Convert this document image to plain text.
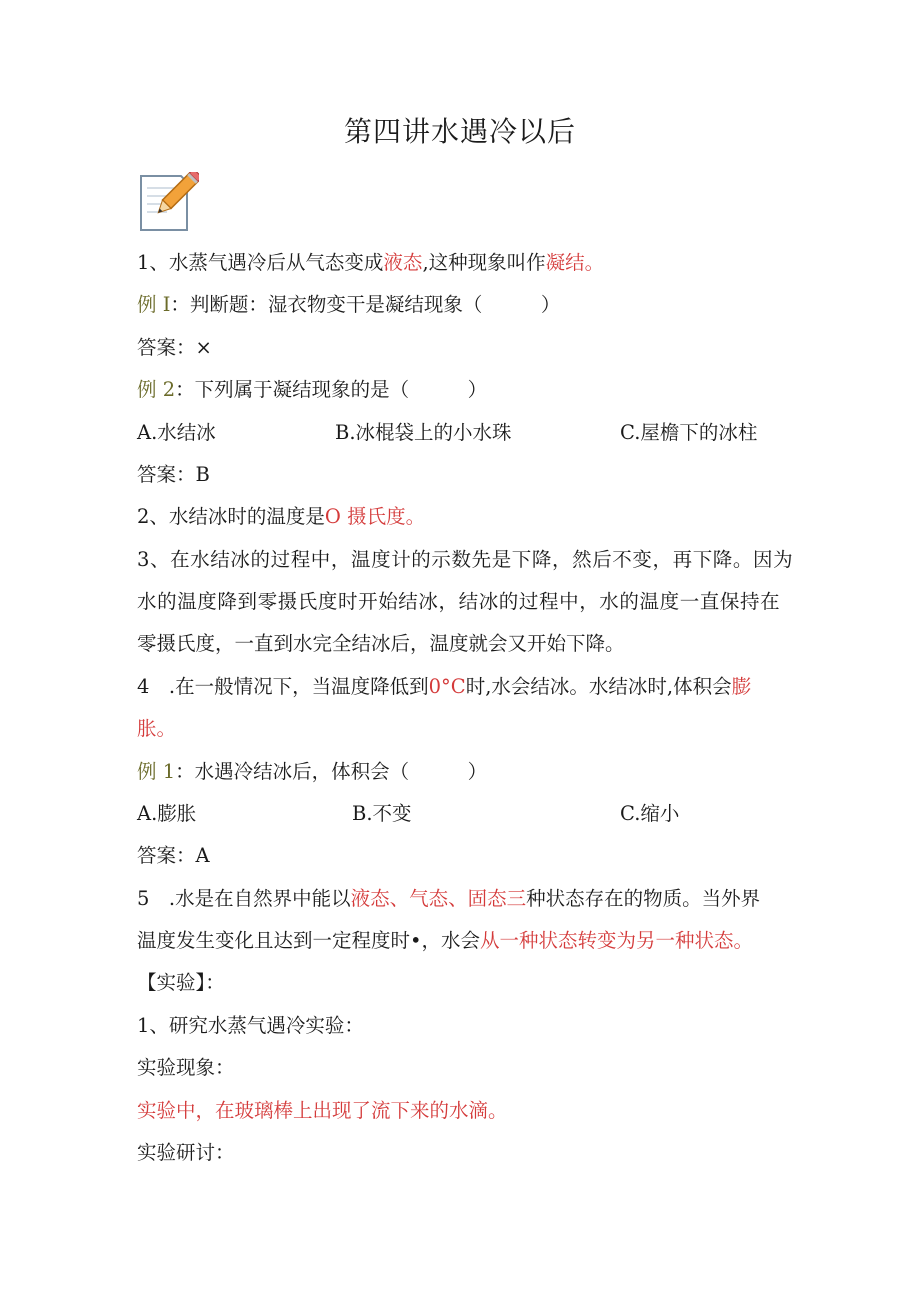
第四讲水遇冷以后
1、水蒸气遇冷后从气态变成液态,这种现象叫作凝结。
例 I：判断题：湿衣物变干是凝结现象（　　　）
答案：×
例 2：下列属于凝结现象的是（　　　）
A.水结冰	B.冰棍袋上的小水珠	C.屋檐下的冰柱
答案：B
2、水结冰时的温度是O 摄氏度。
3、在水结冰的过程中，温度计的示数先是下降，然后不变，再下降。因为
水的温度降到零摄氏度时开始结冰，结冰的过程中，水的温度一直保持在
零摄氏度，一直到水完全结冰后，温度就会又开始下降。
4　.在一般情况下，当温度降低到0°C时,水会结冰。水结冰时,体积会膨
胀。
例 1：水遇冷结冰后，体积会（　　　）
A.膨胀	B.不变	C.缩小
答案：A
5　.水是在自然界中能以液态、气态、固态三种状态存在的物质。当外界
温度发生变化且达到一定程度时•，水会从一种状态转变为另一种状态。
【实验】：
1、研究水蒸气遇冷实验：
实验现象：
实验中，在玻璃棒上出现了流下来的水滴。
实验研讨：
